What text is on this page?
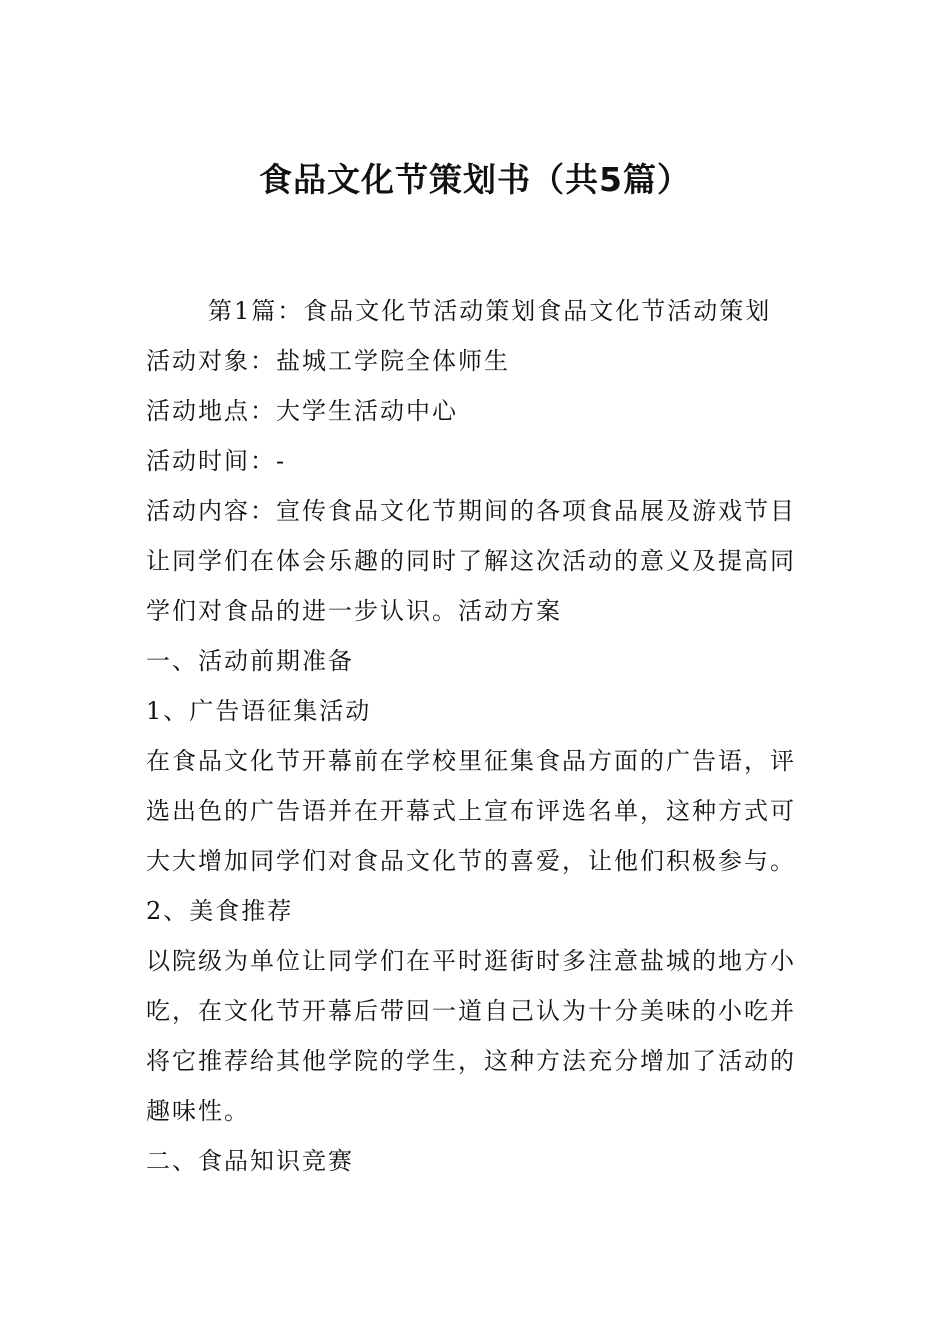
食品文化节策划书（共5篇）

第1篇：食品文化节活动策划食品文化节活动策划

活动对象：盐城工学院全体师生

活动地点：大学生活动中心

活动时间：-

活动内容：宣传食品文化节期间的各项食品展及游戏节目让同学们在体会乐趣的同时了解这次活动的意义及提高同学们对食品的进一步认识。活动方案

一、活动前期准备

1、广告语征集活动

在食品文化节开幕前在学校里征集食品方面的广告语，评选出色的广告语并在开幕式上宣布评选名单，这种方式可大大增加同学们对食品文化节的喜爱，让他们积极参与。

2、美食推荐

以院级为单位让同学们在平时逛街时多注意盐城的地方小吃，在文化节开幕后带回一道自己认为十分美味的小吃并将它推荐给其他学院的学生，这种方法充分增加了活动的趣味性。

二、食品知识竞赛
